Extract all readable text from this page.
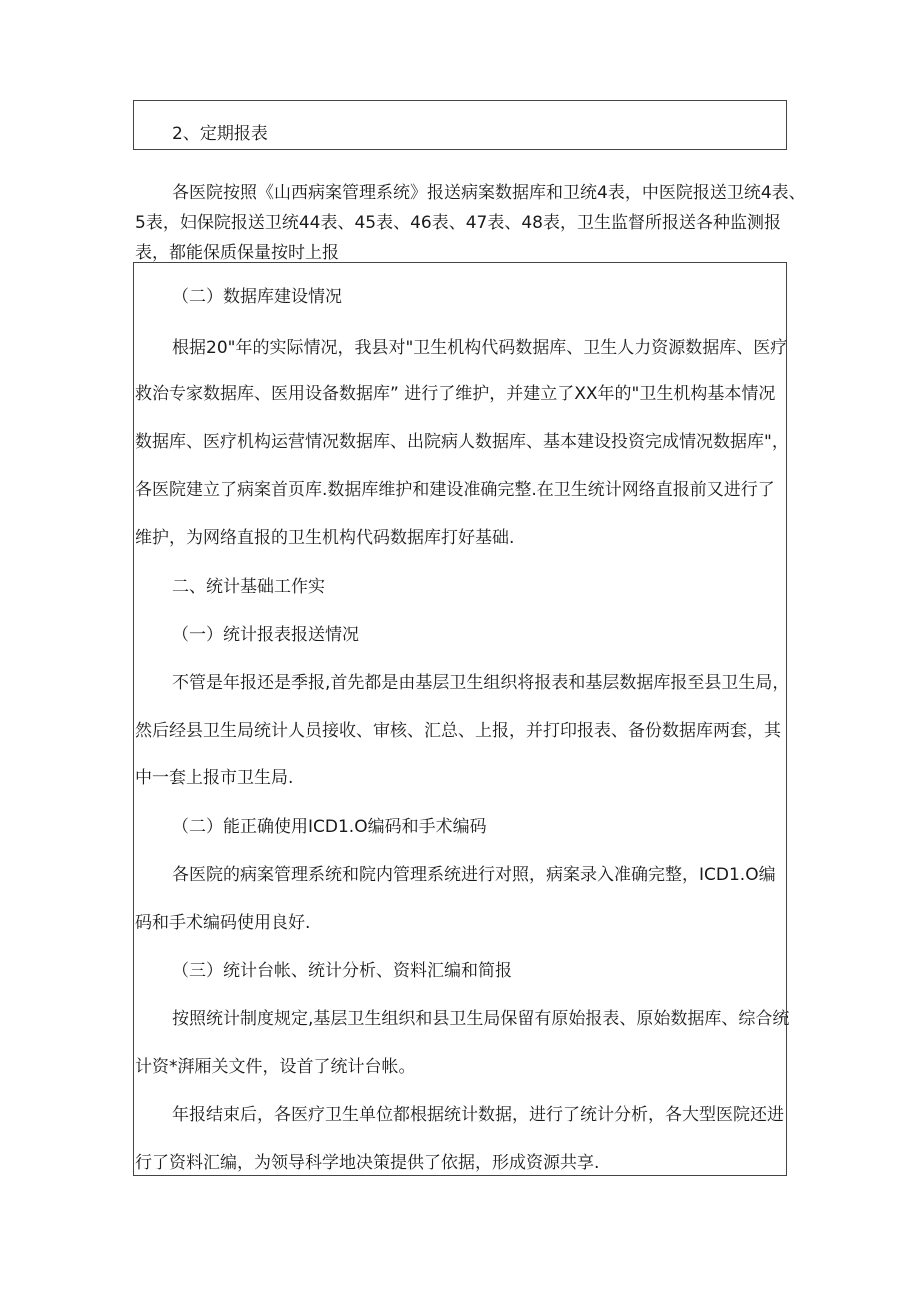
2、定期报表
各医院按照《山西病案管理系统》报送病案数据库和卫统4表，中医院报送卫统4表、
5表，妇保院报送卫统44表、45表、46表、47表、48表，卫生监督所报送各种监测报
表，都能保质保量按时上报
（二）数据库建设情况
根据20"年的实际情况，我县对"卫生机构代码数据库、卫生人力资源数据库、医疗
救治专家数据库、医用设备数据库” 进行了维护，并建立了XX年的"卫生机构基本情况
数据库、医疗机构运营情况数据库、出院病人数据库、基本建设投资完成情况数据库"，
各医院建立了病案首页库.数据库维护和建设准确完整.在卫生统计网络直报前又进行了
维护，为网络直报的卫生机构代码数据库打好基础.
二、统计基础工作实
（一）统计报表报送情况
不管是年报还是季报,首先都是由基层卫生组织将报表和基层数据库报至县卫生局，
然后经县卫生局统计人员接收、审核、汇总、上报，并打印报表、备份数据库两套，其
中一套上报市卫生局.
（二）能正确使用ICD1.O编码和手术编码
各医院的病案管理系统和院内管理系统进行对照，病案录入准确完整，ICD1.O编
码和手术编码使用良好.
（三）统计台帐、统计分析、资料汇编和简报
按照统计制度规定,基层卫生组织和县卫生局保留有原始报表、原始数据库、综合统
计资*湃厢关文件，设首了统计台帐。
年报结束后，各医疗卫生单位都根据统计数据，进行了统计分析，各大型医院还进
行了资料汇编，为领导科学地决策提供了依据，形成资源共享.
